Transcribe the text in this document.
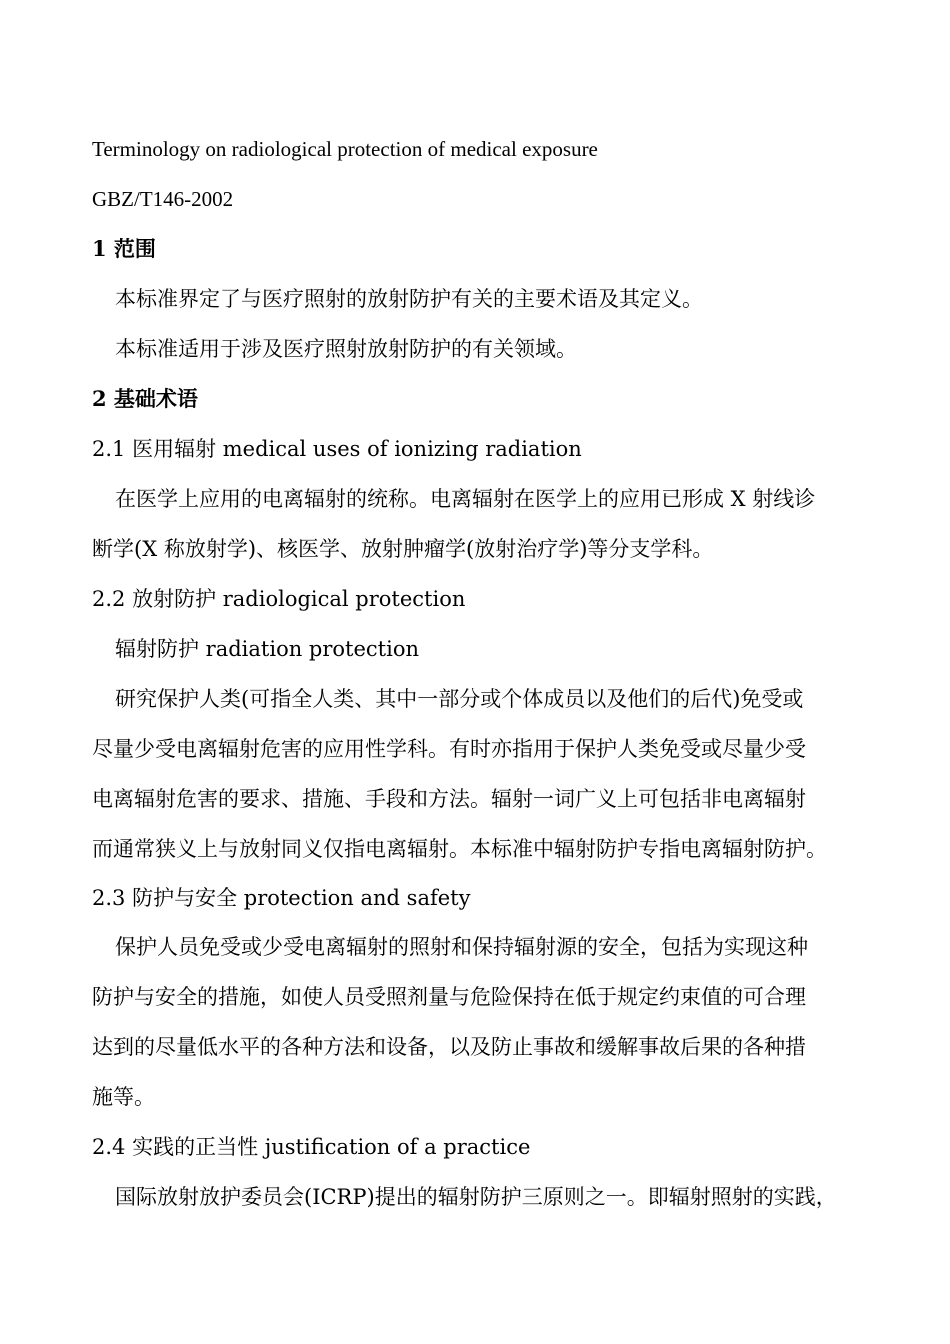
Terminology on radiological protection of medical exposure
GBZ/T146-2002
1 范围
本标准界定了与医疗照射的放射防护有关的主要术语及其定义。
本标准适用于涉及医疗照射放射防护的有关领域。
2 基础术语
2.1 医用辐射 medical uses of ionizing radiation
在医学上应用的电离辐射的统称。电离辐射在医学上的应用已形成 X 射线诊
断学(X 称放射学)、核医学、放射肿瘤学(放射治疗学)等分支学科。
2.2 放射防护 radiological protection
辐射防护 radiation protection
研究保护人类(可指全人类、其中一部分或个体成员以及他们的后代)免受或
尽量少受电离辐射危害的应用性学科。有时亦指用于保护人类免受或尽量少受
电离辐射危害的要求、措施、手段和方法。辐射一词广义上可包括非电离辐射
而通常狭义上与放射同义仅指电离辐射。本标准中辐射防护专指电离辐射防护。
2.3 防护与安全 protection and safety
保护人员免受或少受电离辐射的照射和保持辐射源的安全，包括为实现这种
防护与安全的措施，如使人员受照剂量与危险保持在低于规定约束值的可合理
达到的尽量低水平的各种方法和设备，以及防止事故和缓解事故后果的各种措
施等。
2.4 实践的正当性 justification of a practice
国际放射放护委员会(ICRP)提出的辐射防护三原则之一。即辐射照射的实践，
